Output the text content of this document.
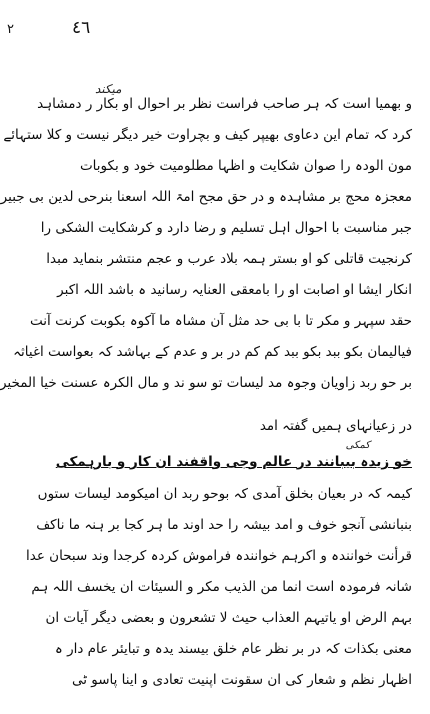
٤٦
٢
میکند
و بهمیا است کہ ہر صاحب فراست نظر بر احوال او بکار ر دمشاہد
کرد کہ تمام این دعاوی بھیپر کیف و بچراوت خیر دیگر نیست و کلا ستہائے
مون الودہ را صوان شکایت و اظہا مطلومیت خود و بکوبات
معجزہ محج بر مشاہدہ و در حق مجح امۃ اللہ اسعنا بنرحی لدین بی جبیر
جبر مناسبت با احوال اہل تسلیم و رضا دارد و کرشکایت الشکی را
کرنجیت قاتلی کو او بستر ہمہ بلاد عرب و عجم منتشر بنماید مبدا
انکار ایشا او اصابت او را بامعقی العنایہ رسانید ہ باشد اللہ اکبر
حقد سپہر و مکر تا با بی حد مثل آن مشاہ ما آکوہ بکوبت کرنت آنت
فیالیمان بکو ببد بکو ببد کم کم در بر و عدم کے بہاشد کہ بعواست اغیاثہ
بر حو ربد زاویان وجوہ مد لیسات تو سو ند و مال الکرہ عسنت خیا المخیر
در زعیانہای ہمیں گفتہ امد
خو زیدہ بیبانند در عالم وجی واقفند ان کار و بارہمکی
کیمہ کہ در بعیان بخلق آمدی کہ بوحو ربد ان امیکومد لیسات ستوں
بنبانشی آنجو خوف و امد بیشہ را حد اوند ما ہر کجا بر ہنہ ما ناکف
قرأنت خوانندہ و اکرہم خوانندہ فراموش کردہ کرجدا وند سبحان عدا
شانہ فرمودہ است انما من الذیب مکر و السیئات ان یخسف اللہ ہم
بہم الرض او یاتیہم العذاب حیث لا تشعرون و بعضی دیگر آیات ان
معنی بکذات کہ در بر نظر عام خلق بیسند یدہ و تبایئر عام دار ہ
اظہار نظم و شعار کی ان سقونت اپنیت تعادی و اینا پاسو ٹی
کمکی
